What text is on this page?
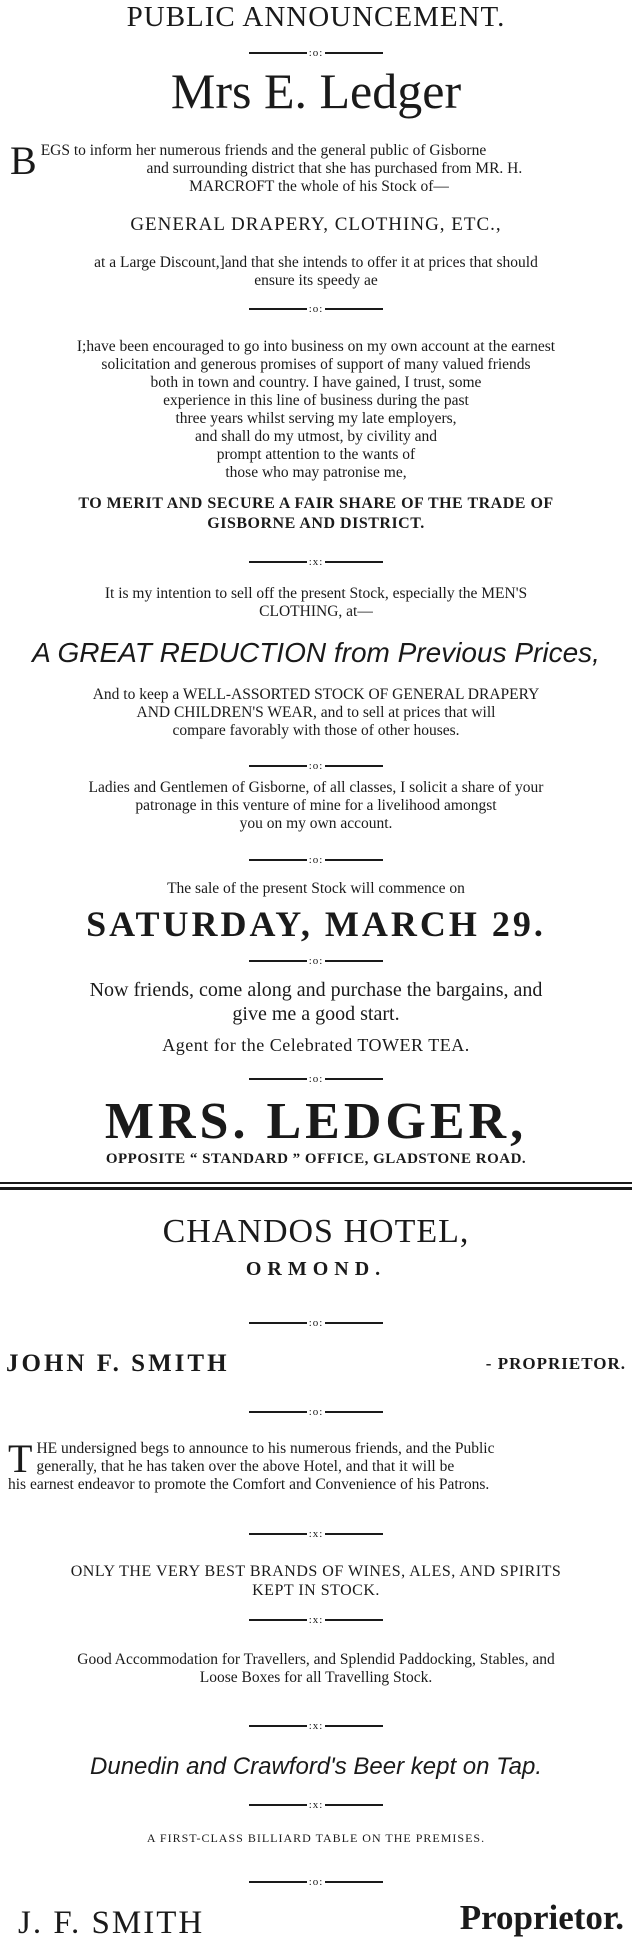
PUBLIC ANNOUNCEMENT.
:o:
Mrs E. Ledger
B EGS to inform her numerous friends and the general public of Gisborne
and surrounding district that she has purchased from MR. H.
MARCROFT the whole of his Stock of—
GENERAL DRAPERY, CLOTHING, ETC.,
at a Large Discount,]and that she intends to offer it at prices that should
ensure its speedy ae
:o:
I;have been encouraged to go into business on my own account at the earnest
solicitation and generous promises of support of many valued friends
both in town and country. I have gained, I trust, some
experience in this line of business during the past
three years whilst serving my late employers,
and shall do my utmost, by civility and
prompt attention to the wants of
those who may patronise me,
TO MERIT AND SECURE A FAIR SHARE OF THE TRADE OF
GISBORNE AND DISTRICT.
:x:
It is my intention to sell off the present Stock, especially the MEN'S
CLOTHING, at—
A GREAT REDUCTION from Previous Prices,
And to keep a WELL-ASSORTED STOCK OF GENERAL DRAPERY
AND CHILDREN'S WEAR, and to sell at prices that will
compare favorably with those of other houses.
:o:
Ladies and Gentlemen of Gisborne, of all classes, I solicit a share of your
patronage in this venture of mine for a livelihood amongst
you on my own account.
:o:
The sale of the present Stock will commence on
SATURDAY, MARCH 29.
:o:
Now friends, come along and purchase the bargains, and
give me a good start.
Agent for the Celebrated TOWER TEA.
:o:
MRS. LEDGER,
OPPOSITE “ STANDARD ” OFFICE, GLADSTONE ROAD.
CHANDOS HOTEL,
ORMOND.
:o:
JOHN F. SMITH	- PROPRIETOR.
:o:
T HE undersigned begs to announce to his numerous friends, and the Public
generally, that he has taken over the above Hotel, and that it will be
his earnest endeavor to promote the Comfort and Convenience of his Patrons.
:x:
ONLY THE VERY BEST BRANDS OF WINES, ALES, AND SPIRITS
KEPT IN STOCK.
:x:
Good Accommodation for Travellers, and Splendid Paddocking, Stables, and
Loose Boxes for all Travelling Stock.
:x:
Dunedin and Crawford's Beer kept on Tap.
:x:
A FIRST-CLASS BILLIARD TABLE ON THE PREMISES.
:o:
J. F. SMITH	Proprietor.
